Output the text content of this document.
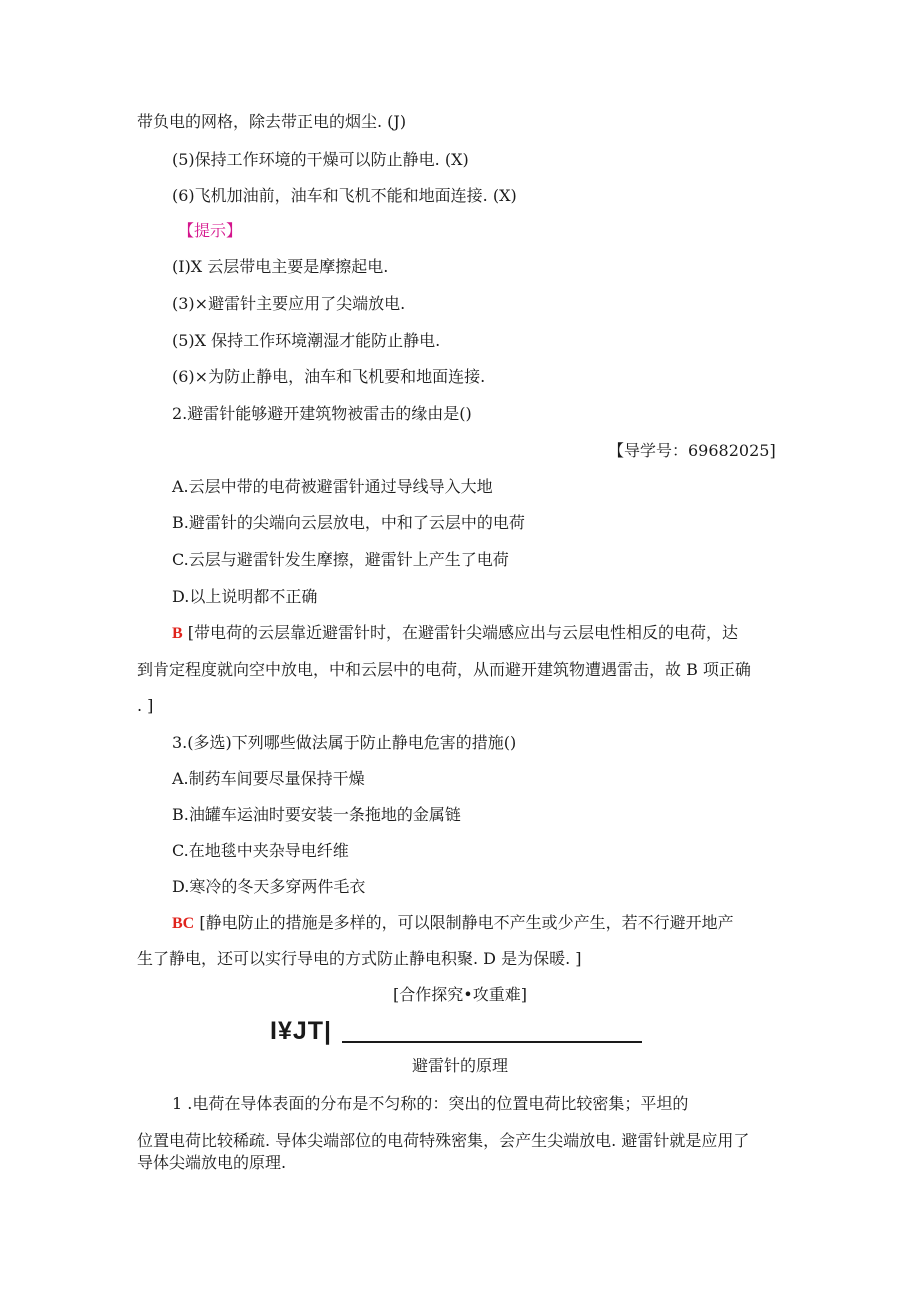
带负电的网格，除去带正电的烟尘. (J)
(5)保持工作环境的干燥可以防止静电. (X)
(6)飞机加油前，油车和飞机不能和地面连接. (X)
【提示】
(I)X 云层带电主要是摩擦起电.
(3)×避雷针主要应用了尖端放电.
(5)X 保持工作环境潮湿才能防止静电.
(6)×为防止静电，油车和飞机要和地面连接.
2.避雷针能够避开建筑物被雷击的缘由是()
【导学号：69682025]
A.云层中带的电荷被避雷针通过导线导入大地
B.避雷针的尖端向云层放电，中和了云层中的电荷
C.云层与避雷针发生摩擦，避雷针上产生了电荷
D.以上说明都不正确
B [带电荷的云层靠近避雷针时，在避雷针尖端感应出与云层电性相反的电荷，达
到肯定程度就向空中放电，中和云层中的电荷，从而避开建筑物遭遇雷击，故 B 项正确
. ]
3.(多选)下列哪些做法属于防止静电危害的措施()
A.制药车间要尽量保持干燥
B.油罐车运油时要安装一条拖地的金属链
C.在地毯中夹杂导电纤维
D.寒冷的冬天多穿两件毛衣
BC [静电防止的措施是多样的，可以限制静电不产生或少产生，若不行避开地产
生了静电，还可以实行导电的方式防止静电积聚. D 是为保暖. ]
[合作探究•攻重难]
I¥JT|
避雷针的原理
1 .电荷在导体表面的分布是不匀称的：突出的位置电荷比较密集；平坦的
位置电荷比较稀疏. 导体尖端部位的电荷特殊密集，会产生尖端放电. 避雷针就是应用了
导体尖端放电的原理.
